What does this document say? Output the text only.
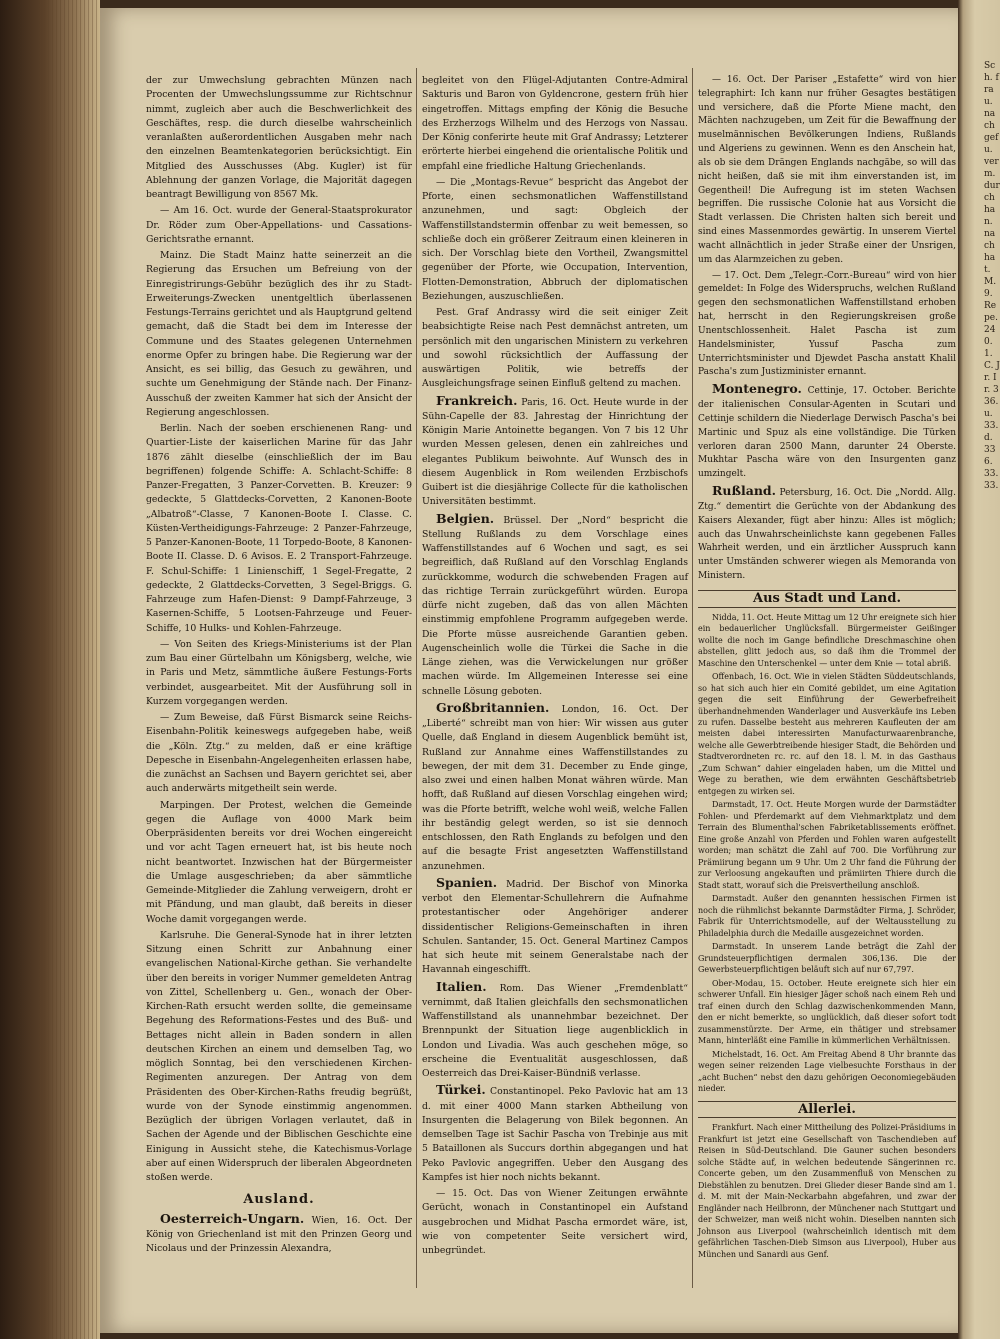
Sch. frau. nach gefu. verm. durch han. nach hat. M. 9. Repe. 240. 1. C. Jr. Ir. 336. u. 33. d. 336. 33. 33.

der zur Umwechslung gebrachten Münzen nach Procenten der Umwechslungssumme zur Richtschnur nimmt, zugleich aber auch die Beschwerlichkeit des Geschäftes, resp. die durch dieselbe wahrscheinlich veranlaßten außerordentlichen Ausgaben mehr nach den einzelnen Beamtenkategorien berücksichtigt. Ein Mitglied des Ausschusses (Abg. Kugler) ist für Ablehnung der ganzen Vorlage, die Majorität dagegen beantragt Bewilligung von 8567 Mk.

— Am 16. Oct. wurde der General-Staatsprokurator Dr. Röder zum Ober-Appellations- und Cassations-Gerichtsrathe ernannt.

Mainz. Die Stadt Mainz hatte seinerzeit an die Regierung das Ersuchen um Befreiung von der Einregistrirungs-Gebühr bezüglich des ihr zu Stadt-Erweiterungs-Zwecken unentgeltlich überlassenen Festungs-Terrains gerichtet und als Hauptgrund geltend gemacht, daß die Stadt bei dem im Interesse der Commune und des Staates gelegenen Unternehmen enorme Opfer zu bringen habe. Die Regierung war der Ansicht, es sei billig, das Gesuch zu gewähren, und suchte um Genehmigung der Stände nach. Der Finanz-Ausschuß der zweiten Kammer hat sich der Ansicht der Regierung angeschlossen.

Berlin. Nach der soeben erschienenen Rang- und Quartier-Liste der kaiserlichen Marine für das Jahr 1876 zählt dieselbe (einschließlich der im Bau begriffenen) folgende Schiffe: A. Schlacht-Schiffe: 8 Panzer-Fregatten, 3 Panzer-Corvetten. B. Kreuzer: 9 gedeckte, 5 Glattdecks-Corvetten, 2 Kanonen-Boote „Albatroß“-Classe, 7 Kanonen-Boote I. Classe. C. Küsten-Vertheidigungs-Fahrzeuge: 2 Panzer-Fahrzeuge, 5 Panzer-Kanonen-Boote, 11 Torpedo-Boote, 8 Kanonen-Boote II. Classe. D. 6 Avisos. E. 2 Transport-Fahrzeuge. F. Schul-Schiffe: 1 Linienschiff, 1 Segel-Fregatte, 2 gedeckte, 2 Glattdecks-Corvetten, 3 Segel-Briggs. G. Fahrzeuge zum Hafen-Dienst: 9 Dampf-Fahrzeuge, 3 Kasernen-Schiffe, 5 Lootsen-Fahrzeuge und Feuer-Schiffe, 10 Hulks- und Kohlen-Fahrzeuge.

— Von Seiten des Kriegs-Ministeriums ist der Plan zum Bau einer Gürtelbahn um Königsberg, welche, wie in Paris und Metz, sämmtliche äußere Festungs-Forts verbindet, ausgearbeitet. Mit der Ausführung soll in Kurzem vorgegangen werden.

— Zum Beweise, daß Fürst Bismarck seine Reichs-Eisenbahn-Politik keineswegs aufgegeben habe, weiß die „Köln. Ztg.“ zu melden, daß er eine kräftige Depesche in Eisenbahn-Angelegenheiten erlassen habe, die zunächst an Sachsen und Bayern gerichtet sei, aber auch anderwärts mitgetheilt sein werde.

Marpingen. Der Protest, welchen die Gemeinde gegen die Auflage von 4000 Mark beim Oberpräsidenten bereits vor drei Wochen eingereicht und vor acht Tagen erneuert hat, ist bis heute noch nicht beantwortet. Inzwischen hat der Bürgermeister die Umlage ausgeschrieben; da aber sämmtliche Gemeinde-Mitglieder die Zahlung verweigern, droht er mit Pfändung, und man glaubt, daß bereits in dieser Woche damit vorgegangen werde.

Karlsruhe. Die General-Synode hat in ihrer letzten Sitzung einen Schritt zur Anbahnung einer evangelischen National-Kirche gethan. Sie verhandelte über den bereits in voriger Nummer gemeldeten Antrag von Zittel, Schellenberg u. Gen., wonach der Ober-Kirchen-Rath ersucht werden sollte, die gemeinsame Begehung des Reformations-Festes und des Buß- und Bettages nicht allein in Baden sondern in allen deutschen Kirchen an einem und demselben Tag, wo möglich Sonntag, bei den verschiedenen Kirchen-Regimenten anzuregen. Der Antrag von dem Präsidenten des Ober-Kirchen-Raths freudig begrüßt, wurde von der Synode einstimmig angenommen. Bezüglich der übrigen Vorlagen verlautet, daß in Sachen der Agende und der Biblischen Geschichte eine Einigung in Aussicht stehe, die Katechismus-Vorlage aber auf einen Widerspruch der liberalen Abgeordneten stoßen werde.

Ausland.

Oesterreich-Ungarn. Wien, 16. Oct. Der König von Griechenland ist mit den Prinzen Georg und Nicolaus und der Prinzessin Alexandra,

begleitet von den Flügel-Adjutanten Contre-Admiral Sakturis und Baron von Gyldencrone, gestern früh hier eingetroffen. Mittags empfing der König die Besuche des Erzherzogs Wilhelm und des Herzogs von Nassau. Der König conferirte heute mit Graf Andrassy; Letzterer erörterte hierbei eingehend die orientalische Politik und empfahl eine friedliche Haltung Griechenlands.

— Die „Montags-Revue“ bespricht das Angebot der Pforte, einen sechsmonatlichen Waffenstillstand anzunehmen, und sagt: Obgleich der Waffenstillstandstermin offenbar zu weit bemessen, so schließe doch ein größerer Zeitraum einen kleineren in sich. Der Vorschlag biete den Vortheil, Zwangsmittel gegenüber der Pforte, wie Occupation, Intervention, Flotten-Demonstration, Abbruch der diplomatischen Beziehungen, auszuschließen.

Pest. Graf Andrassy wird die seit einiger Zeit beabsichtigte Reise nach Pest demnächst antreten, um persönlich mit den ungarischen Ministern zu verkehren und sowohl rücksichtlich der Auffassung der auswärtigen Politik, wie betreffs der Ausgleichungsfrage seinen Einfluß geltend zu machen.

Frankreich. Paris, 16. Oct. Heute wurde in der Sühn-Capelle der 83. Jahrestag der Hinrichtung der Königin Marie Antoinette begangen. Von 7 bis 12 Uhr wurden Messen gelesen, denen ein zahlreiches und elegantes Publikum beiwohnte. Auf Wunsch des in diesem Augenblick in Rom weilenden Erzbischofs Guibert ist die diesjährige Collecte für die katholischen Universitäten bestimmt.

Belgien. Brüssel. Der „Nord“ bespricht die Stellung Rußlands zu dem Vorschlage eines Waffenstillstandes auf 6 Wochen und sagt, es sei begreiflich, daß Rußland auf den Vorschlag Englands zurückkomme, wodurch die schwebenden Fragen auf das richtige Terrain zurückgeführt würden. Europa dürfe nicht zugeben, daß das von allen Mächten einstimmig empfohlene Programm aufgegeben werde. Die Pforte müsse ausreichende Garantien geben. Augenscheinlich wolle die Türkei die Sache in die Länge ziehen, was die Verwickelungen nur größer machen würde. Im Allgemeinen Interesse sei eine schnelle Lösung geboten.

Großbritannien. London, 16. Oct. Der „Liberté“ schreibt man von hier: Wir wissen aus guter Quelle, daß England in diesem Augenblick bemüht ist, Rußland zur Annahme eines Waffenstillstandes zu bewegen, der mit dem 31. December zu Ende ginge, also zwei und einen halben Monat währen würde. Man hofft, daß Rußland auf diesen Vorschlag eingehen wird; was die Pforte betrifft, welche wohl weiß, welche Fallen ihr beständig gelegt werden, so ist sie dennoch entschlossen, den Rath Englands zu befolgen und den auf die besagte Frist angesetzten Waffenstillstand anzunehmen.

Spanien. Madrid. Der Bischof von Minorka verbot den Elementar-Schullehrern die Aufnahme protestantischer oder Angehöriger anderer dissidentischer Religions-Gemeinschaften in ihren Schulen. Santander, 15. Oct. General Martinez Campos hat sich heute mit seinem Generalstabe nach der Havannah eingeschifft.

Italien. Rom. Das Wiener „Fremdenblatt“ vernimmt, daß Italien gleichfalls den sechsmonatlichen Waffenstillstand als unannehmbar bezeichnet. Der Brennpunkt der Situation liege augenblicklich in London und Livadia. Was auch geschehen möge, so erscheine die Eventualität ausgeschlossen, daß Oesterreich das Drei-Kaiser-Bündniß verlasse.

Türkei. Constantinopel. Peko Pavlovic hat am 13 d. mit einer 4000 Mann starken Abtheilung von Insurgenten die Belagerung von Bilek begonnen. An demselben Tage ist Sachir Pascha von Trebinje aus mit 5 Bataillonen als Succurs dorthin abgegangen und hat Peko Pavlovic angegriffen. Ueber den Ausgang des Kampfes ist hier noch nichts bekannt.

— 15. Oct. Das von Wiener Zeitungen erwähnte Gerücht, wonach in Constantinopel ein Aufstand ausgebrochen und Midhat Pascha ermordet wäre, ist, wie von competenter Seite versichert wird, unbegründet.

— 16. Oct. Der Pariser „Estafette“ wird von hier telegraphirt: Ich kann nur früher Gesagtes bestätigen und versichere, daß die Pforte Miene macht, den Mächten nachzugeben, um Zeit für die Bewaffnung der muselmännischen Bevölkerungen Indiens, Rußlands und Algeriens zu gewinnen. Wenn es den Anschein hat, als ob sie dem Drängen Englands nachgäbe, so will das nicht heißen, daß sie mit ihm einverstanden ist, im Gegentheil! Die Aufregung ist im steten Wachsen begriffen. Die russische Colonie hat aus Vorsicht die Stadt verlassen. Die Christen halten sich bereit und sind eines Massenmordes gewärtig. In unserem Viertel wacht allnächtlich in jeder Straße einer der Unsrigen, um das Alarmzeichen zu geben.

— 17. Oct. Dem „Telegr.-Corr.-Bureau“ wird von hier gemeldet: In Folge des Widerspruchs, welchen Rußland gegen den sechsmonatlichen Waffenstillstand erhoben hat, herrscht in den Regierungskreisen große Unentschlossenheit. Halet Pascha ist zum Handelsminister, Yussuf Pascha zum Unterrichtsminister und Djewdet Pascha anstatt Khalil Pascha's zum Justizminister ernannt.

Montenegro. Cettinje, 17. October. Berichte der italienischen Consular-Agenten in Scutari und Cettinje schildern die Niederlage Derwisch Pascha's bei Martinic und Spuz als eine vollständige. Die Türken verloren daran 2500 Mann, darunter 24 Oberste. Mukhtar Pascha wäre von den Insurgenten ganz umzingelt.

Rußland. Petersburg, 16. Oct. Die „Nordd. Allg. Ztg.“ dementirt die Gerüchte von der Abdankung des Kaisers Alexander, fügt aber hinzu: Alles ist möglich; auch das Unwahrscheinlichste kann gegebenen Falles Wahrheit werden, und ein ärztlicher Ausspruch kann unter Umständen schwerer wiegen als Memoranda von Ministern.

Aus Stadt und Land.

Nidda, 11. Oct. Heute Mittag um 12 Uhr ereignete sich hier ein bedauerlicher Unglücksfall. Bürgermeister Geißinger wollte die noch im Gange befindliche Dreschmaschine ohen abstellen, glitt jedoch aus, so daß ihm die Trommel der Maschine den Unterschenkel — unter dem Knie — total abriß.

Offenbach, 16. Oct. Wie in vielen Städten Süddeutschlands, so hat sich auch hier ein Comité gebildet, um eine Agitation gegen die seit Einführung der Gewerbefreiheit überhandnehmenden Wanderlager und Ausverkäufe ins Leben zu rufen. Dasselbe besteht aus mehreren Kaufleuten der am meisten dabei interessirten Manufacturwaarenbranche, welche alle Gewerbtreibende hiesiger Stadt, die Behörden und Stadtverordneten rc. rc. auf den 18. l. M. in das Gasthaus „Zum Schwan“ dahier eingeladen haben, um die Mittel und Wege zu berathen, wie dem erwähnten Geschäftsbetrieb entgegen zu wirken sei.

Darmstadt, 17. Oct. Heute Morgen wurde der Darmstädter Fohlen- und Pferdemarkt auf dem Viehmarktplatz und dem Terrain des Blumenthal'schen Fabriketablissements eröffnet. Eine große Anzahl von Pferden und Fohlen waren aufgestellt worden; man schätzt die Zahl auf 700. Die Vorführung zur Prämiirung begann um 9 Uhr. Um 2 Uhr fand die Führung der zur Verloosung angekauften und prämiirten Thiere durch die Stadt statt, worauf sich die Preisvertheilung anschloß.

Darmstadt. Außer den genannten hessischen Firmen ist noch die rühmlichst bekannte Darmstädter Firma, J. Schröder, Fabrik für Unterrichtsmodelle, auf der Weltausstellung zu Philadelphia durch die Medaille ausgezeichnet worden.

Darmstadt. In unserem Lande beträgt die Zahl der Grundsteuerpflichtigen dermalen 306,136. Die der Gewerbsteuerpflichtigen beläuft sich auf nur 67,797.

Ober-Modau, 15. October. Heute ereignete sich hier ein schwerer Unfall. Ein hiesiger Jäger schoß nach einem Reh und traf einen durch den Schlag dazwischenkommenden Mann, den er nicht bemerkte, so unglücklich, daß dieser sofort todt zusammenstürzte. Der Arme, ein thätiger und strebsamer Mann, hinterläßt eine Familie in kümmerlichen Verhältnissen.

Michelstadt, 16. Oct. Am Freitag Abend 8 Uhr brannte das wegen seiner reizenden Lage vielbesuchte Forsthaus in der „acht Buchen“ nebst den dazu gehörigen Oeconomiegebäuden nieder.

Allerlei.

Frankfurt. Nach einer Mittheilung des Polizei-Präsidiums in Frankfurt ist jetzt eine Gesellschaft von Taschendieben auf Reisen in Süd-Deutschland. Die Gauner suchen besonders solche Städte auf, in welchen bedeutende Sängerinnen rc. Concerte geben, um den Zusammenfluß von Menschen zu Diebstählen zu benutzen. Drei Glieder dieser Bande sind am 1. d. M. mit der Main-Neckarbahn abgefahren, und zwar der Engländer nach Heilbronn, der Münchener nach Stuttgart und der Schweizer, man weiß nicht wohin. Dieselben nannten sich Johnson aus Liverpool (wahrscheinlich identisch mit dem gefährlichen Taschen-Dieb Simson aus Liverpool), Huber aus München und Sanardi aus Genf.
